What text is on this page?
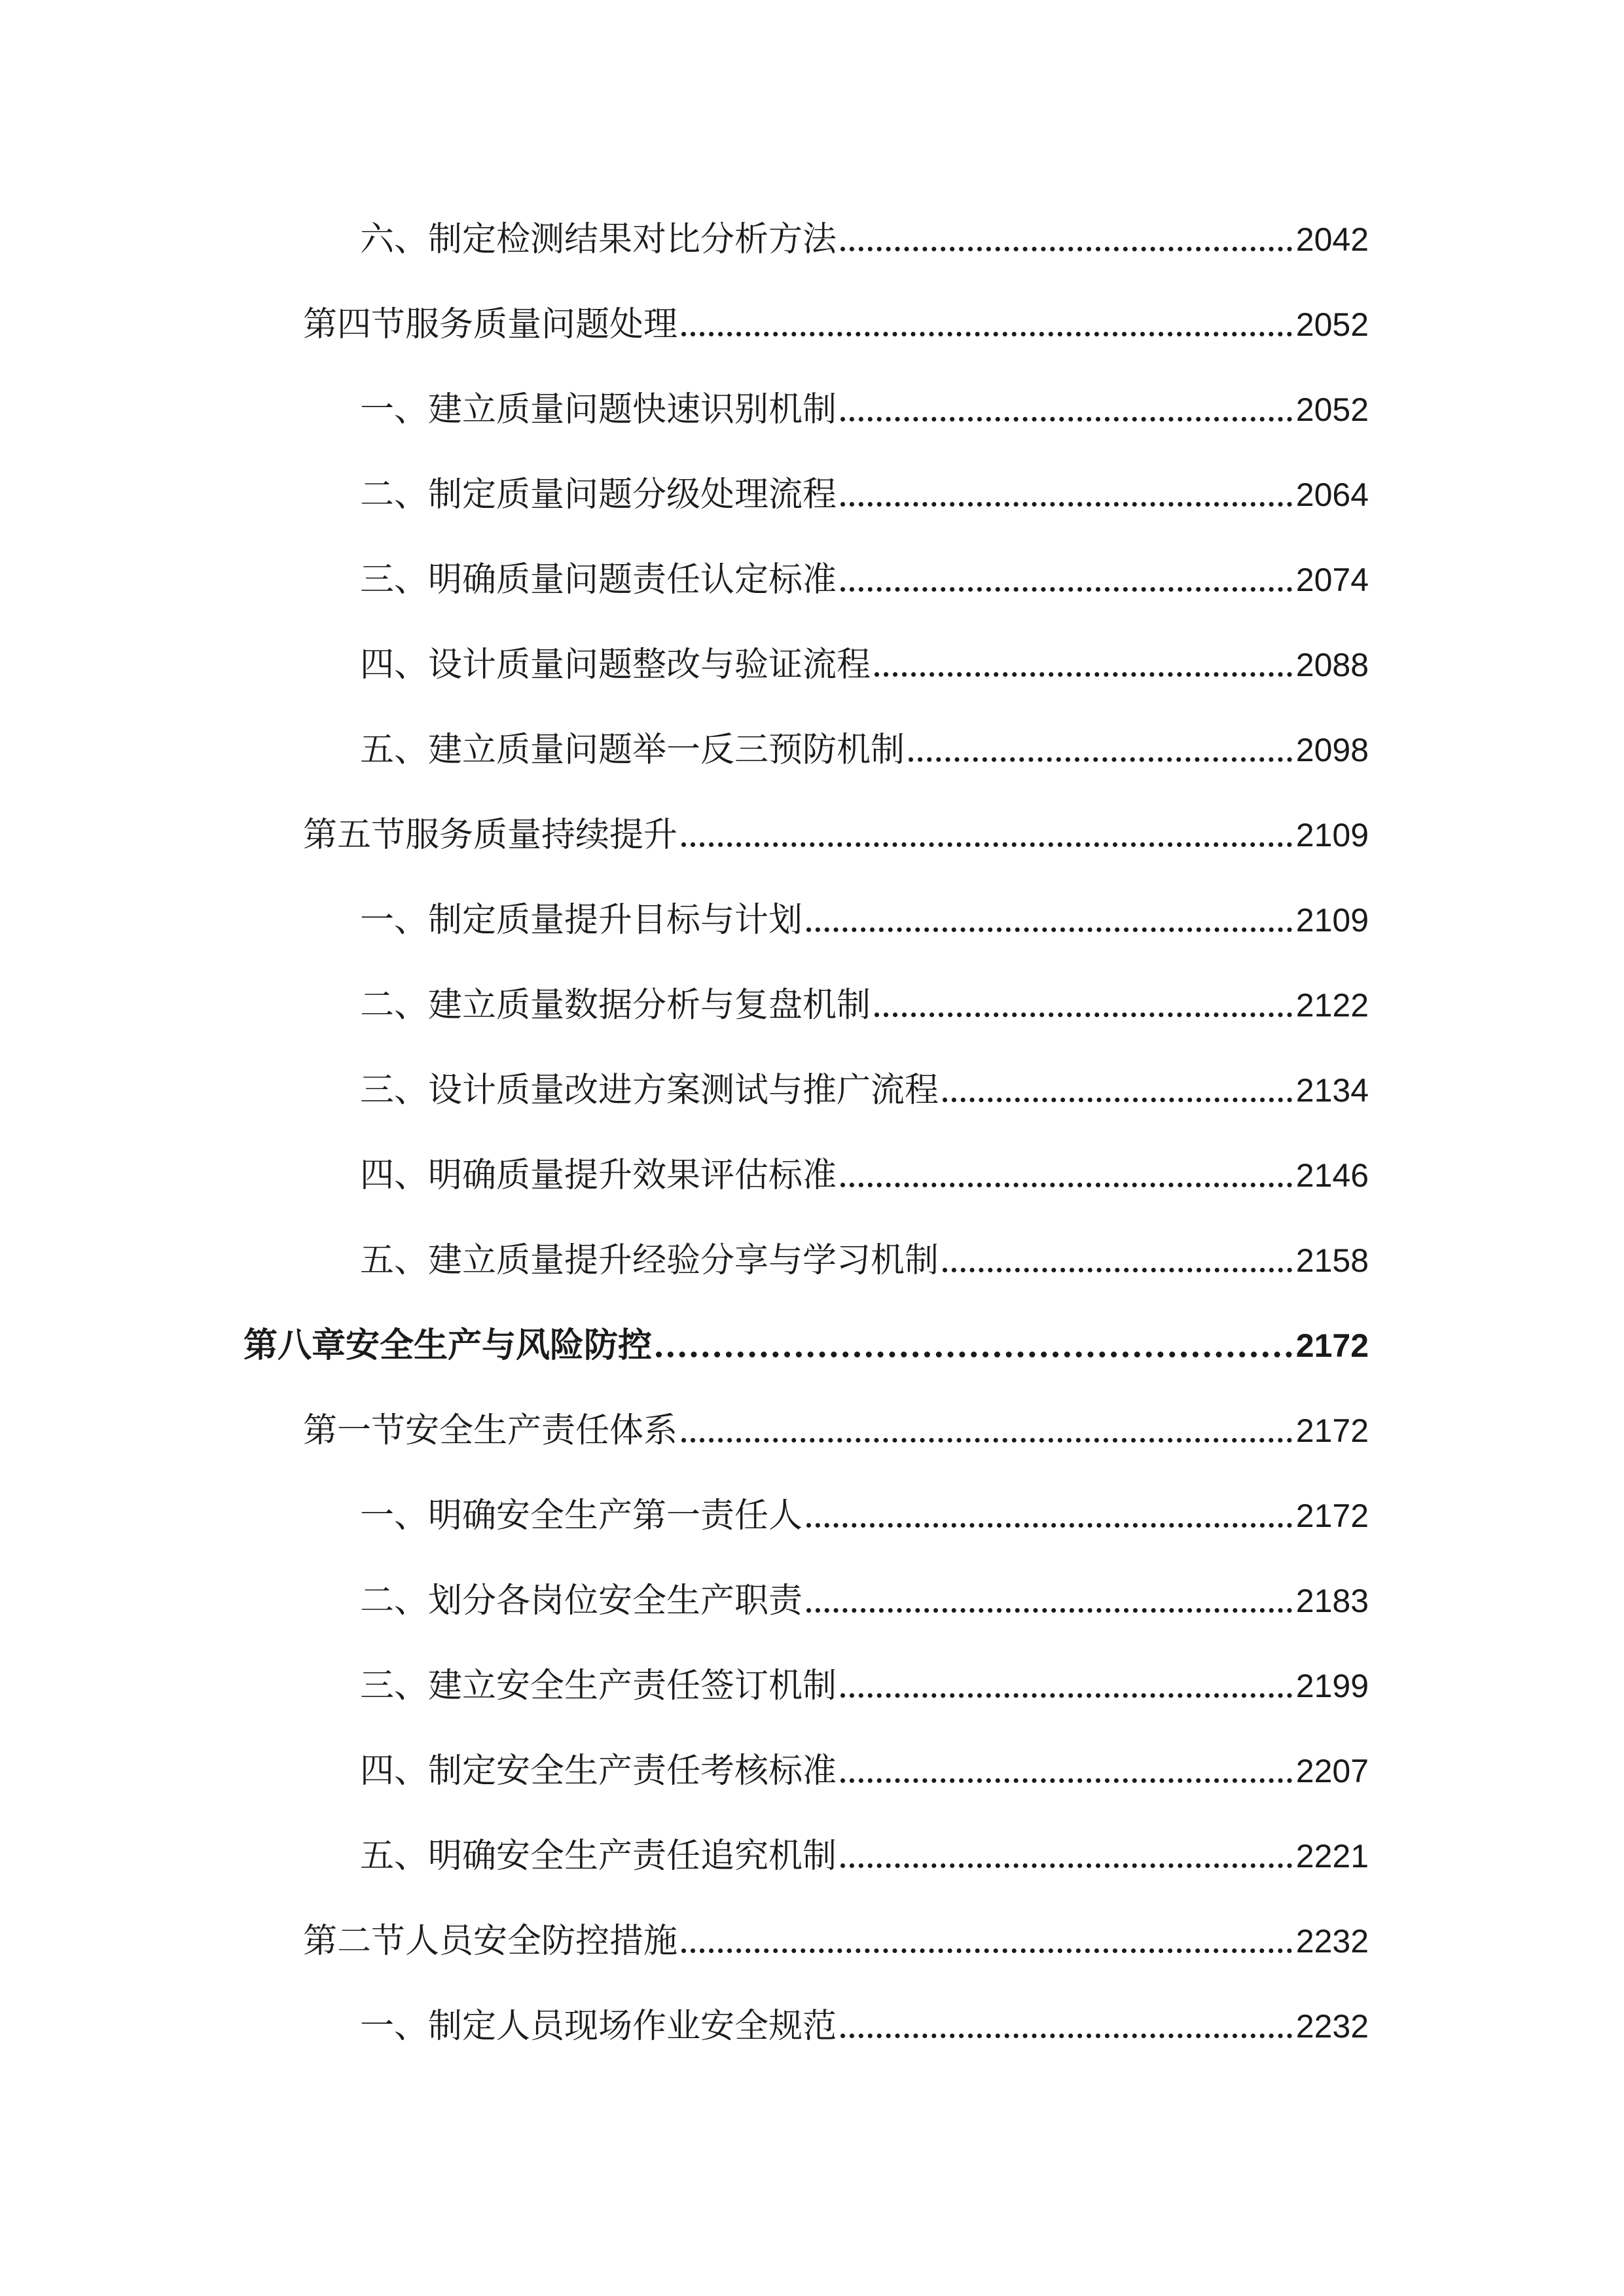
六、制定检测结果对比分析方法	2042
第四节服务质量问题处理	2052
一、建立质量问题快速识别机制	2052
二、制定质量问题分级处理流程	2064
三、明确质量问题责任认定标准	2074
四、设计质量问题整改与验证流程	2088
五、建立质量问题举一反三预防机制	2098
第五节服务质量持续提升	2109
一、制定质量提升目标与计划	2109
二、建立质量数据分析与复盘机制	2122
三、设计质量改进方案测试与推广流程	2134
四、明确质量提升效果评估标准	2146
五、建立质量提升经验分享与学习机制	2158
第八章安全生产与风险防控	2172
第一节安全生产责任体系	2172
一、明确安全生产第一责任人	2172
二、划分各岗位安全生产职责	2183
三、建立安全生产责任签订机制	2199
四、制定安全生产责任考核标准	2207
五、明确安全生产责任追究机制	2221
第二节人员安全防控措施	2232
一、制定人员现场作业安全规范	2232
